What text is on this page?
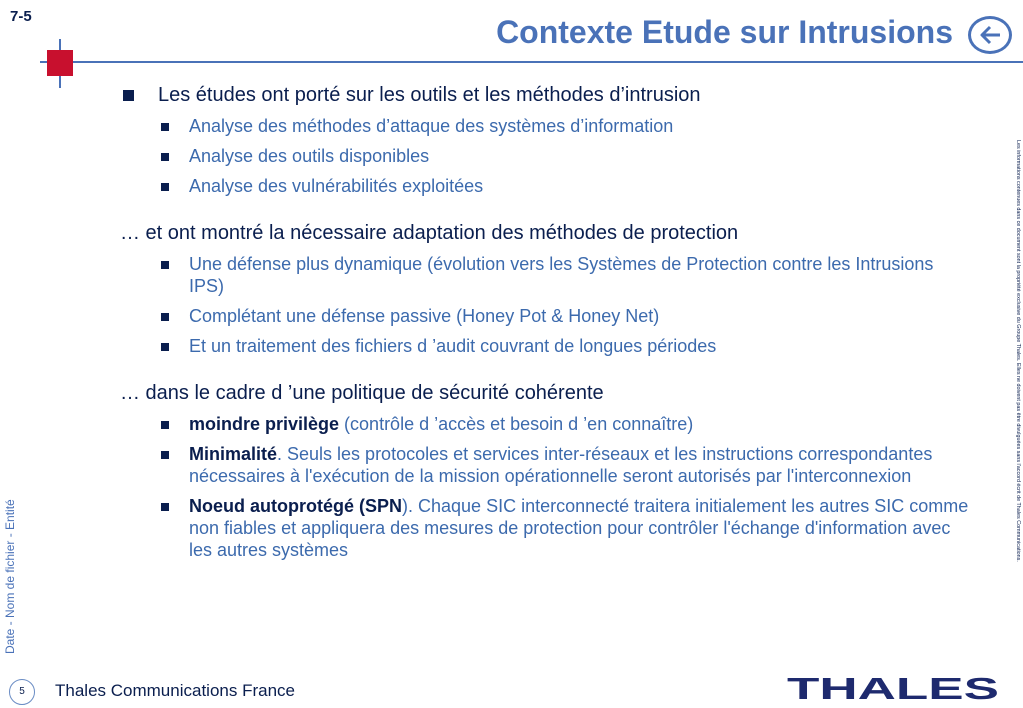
7-5	Contexte Etude sur Intrusions
Date - Nom de fichier - Entité
Les informations contenues dans ce document sont la propriété exclusive du Groupe Thales. Elles ne doivent pas être divulguées sans l'accord écrit de Thales Communications.
Les études ont porté sur les outils et les méthodes d’intrusion
Analyse des méthodes d’attaque des systèmes d’information
Analyse des outils disponibles
Analyse des vulnérabilités exploitées
… et ont montré la nécessaire adaptation des méthodes de protection
Une défense plus dynamique (évolution vers les Systèmes de Protection contre les Intrusions IPS)
Complétant une défense passive (Honey Pot & Honey Net)
Et un traitement des fichiers d ’audit couvrant de longues périodes
… dans le cadre d ’une politique de sécurité cohérente
moindre privilège (contrôle d ’accès et besoin d ’en connaître)
Minimalité. Seuls les protocoles et services inter-réseaux et les instructions correspondantes nécessaires à l'exécution de la mission opérationnelle seront autorisés par l'interconnexion
Noeud autoprotégé (SPN). Chaque SIC interconnecté traitera initialement les autres SIC comme non fiables et appliquera des mesures de protection pour contrôler l'échange d'information avec les autres systèmes
5	Thales Communications France	THALES
